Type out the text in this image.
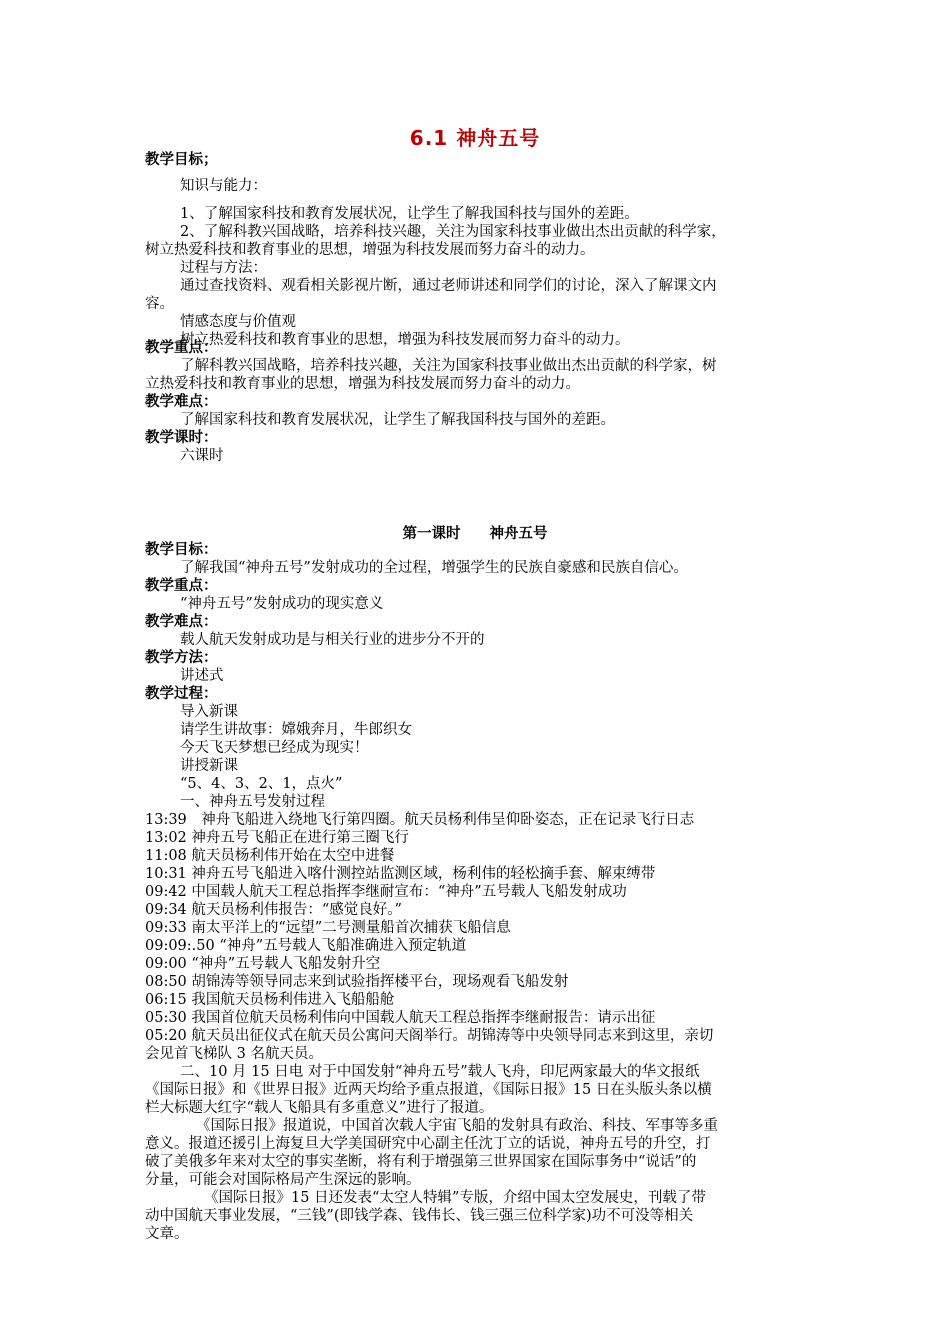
6.1 神舟五号
教学目标；
知识与能力：
1、了解国家科技和教育发展状况，让学生了解我国科技与国外的差距。
2、了解科教兴国战略，培养科技兴趣，关注为国家科技事业做出杰出贡献的科学家，
树立热爱科技和教育事业的思想，增强为科技发展而努力奋斗的动力。
过程与方法：
通过查找资料、观看相关影视片断，通过老师讲述和同学们的讨论，深入了解课文内
容。
情感态度与价值观
树立热爱科技和教育事业的思想，增强为科技发展而努力奋斗的动力。
教学重点：
了解科教兴国战略，培养科技兴趣，关注为国家科技事业做出杰出贡献的科学家，树
立热爱科技和教育事业的思想，增强为科技发展而努力奋斗的动力。
教学难点：
了解国家科技和教育发展状况，让学生了解我国科技与国外的差距。
教学课时：
六课时
第一课时　　神舟五号
教学目标：
了解我国“神舟五号”发射成功的全过程，增强学生的民族自豪感和民族自信心。
教学重点：
“神舟五号”发射成功的现实意义
教学难点：
载人航天发射成功是与相关行业的进步分不开的
教学方法：
讲述式
教学过程：
导入新课
请学生讲故事：嫦娥奔月，牛郎织女
今天飞天梦想已经成为现实！
讲授新课
“5、4、3、2、1，点火”
一、神舟五号发射过程
13:39　神舟飞船进入绕地飞行第四圈。航天员杨利伟呈仰卧姿态，正在记录飞行日志
13:02 神舟五号飞船正在进行第三圈飞行
11:08 航天员杨利伟开始在太空中进餐
10:31 神舟五号飞船进入喀什测控站监测区域，杨利伟的轻松摘手套、解束缚带
09:42 中国载人航天工程总指挥李继耐宣布：“神舟”五号载人飞船发射成功
09:34 航天员杨利伟报告：“感觉良好。”
09:33 南太平洋上的“远望”二号测量船首次捕获飞船信息
09:09:.50 “神舟”五号载人飞船准确进入预定轨道
09:00 “神舟”五号载人飞船发射升空
08:50 胡锦涛等领导同志来到试验指挥楼平台，现场观看飞船发射
06:15 我国航天员杨利伟进入飞船船舱
05:30 我国首位航天员杨利伟向中国载人航天工程总指挥李继耐报告：请示出征
05:20 航天员出征仪式在航天员公寓问天阁举行。胡锦涛等中央领导同志来到这里，亲切
会见首飞梯队 3 名航天员。
二、10 月 15 日电 对于中国发射“神舟五号”载人飞舟，印尼两家最大的华文报纸
《国际日报》和《世界日报》近两天均给予重点报道，《国际日报》15 日在头版头条以横
栏大标题大红字“载人飞船具有多重意义”进行了报道。
《国际日报》报道说，中国首次载人宇宙飞船的发射具有政治、科技、军事等多重
意义。报道还援引上海复旦大学美国研究中心副主任沈丁立的话说，神舟五号的升空，打
破了美俄多年来对太空的事实垄断，将有利于增强第三世界国家在国际事务中“说话”的
分量，可能会对国际格局产生深远的影响。
《国际日报》15 日还发表“太空人特辑”专版，介绍中国太空发展史，刊载了带
动中国航天事业发展，“三钱”(即钱学森、钱伟长、钱三强三位科学家)功不可没等相关
文章。
